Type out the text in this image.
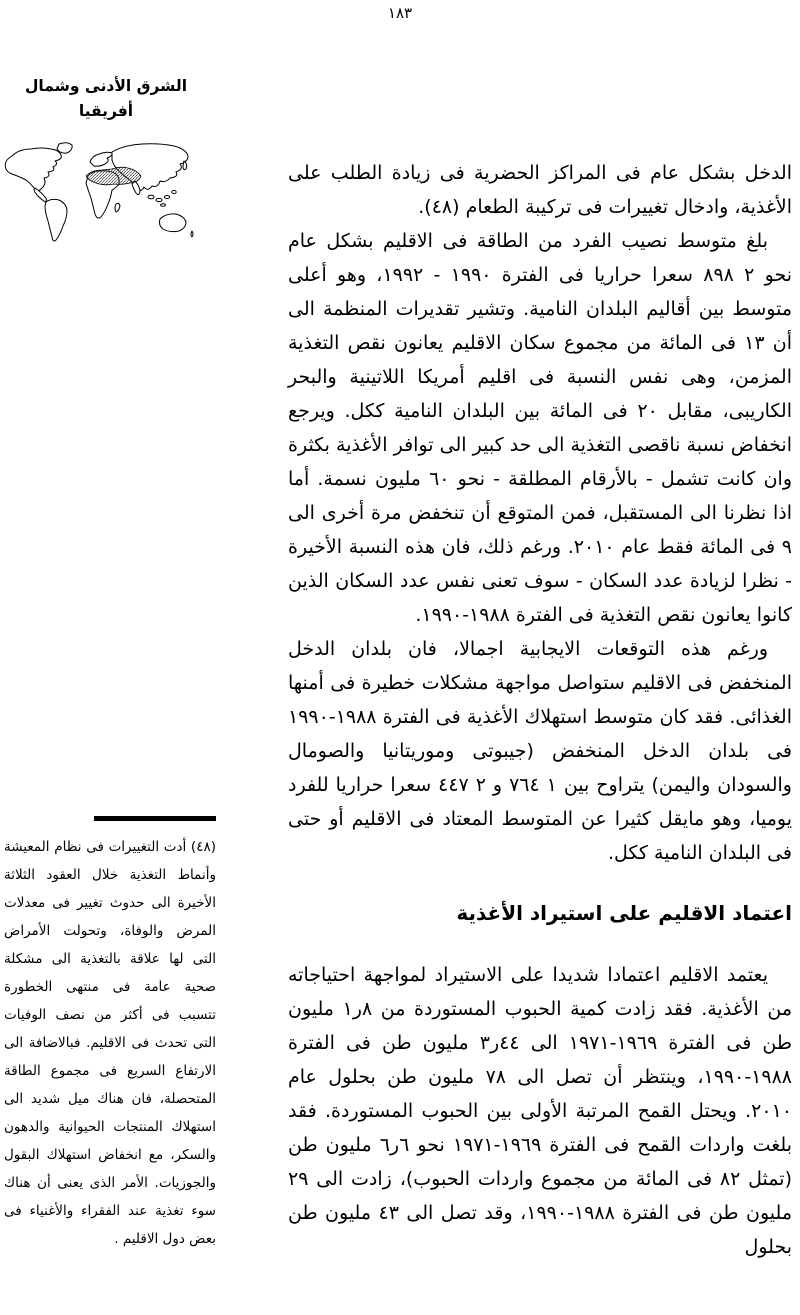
١٨٣
الشرق الأدنى وشمال
أفريقيا

الدخل بشكل عام فى المراكز الحضرية فى زيادة الطلب على الأغذية، وادخال تغييرات فى تركيبة الطعام (٤٨).

بلغ متوسط نصيب الفرد من الطاقة فى الاقليم بشكل عام نحو ٢ ٨٩٨ سعرا حراريا فى الفترة ١٩٩٠ - ١٩٩٢، وهو أعلى متوسط بين أقاليم البلدان النامية. وتشير تقديرات المنظمة الى أن ١٣ فى المائة من مجموع سكان الاقليم يعانون نقص التغذية المزمن، وهى نفس النسبة فى اقليم أمريكا اللاتينية والبحر الكاريبى، مقابل ٢٠ فى المائة بين البلدان النامية ككل. ويرجع انخفاض نسبة ناقصى التغذية الى حد كبير الى توافر الأغذية بكثرة وان كانت تشمل - بالأرقام المطلقة - نحو ٦٠ مليون نسمة. أما اذا نظرنا الى المستقبل، فمن المتوقع أن تنخفض مرة أخرى الى ٩ فى المائة فقط عام ٢٠١٠. ورغم ذلك، فان هذه النسبة الأخيرة - نظرا لزيادة عدد السكان - سوف تعنى نفس عدد السكان الذين كانوا يعانون نقص التغذية فى الفترة ١٩٨٨-١٩٩٠.

ورغم هذه التوقعات الايجابية اجمالا، فان بلدان الدخل المنخفض فى الاقليم ستواصل مواجهة مشكلات خطيرة فى أمنها الغذائى. فقد كان متوسط استهلاك الأغذية فى الفترة ١٩٨٨-١٩٩٠ فى بلدان الدخل المنخفض (جيبوتى وموريتانيا والصومال والسودان واليمن) يتراوح بين ١ ٧٦٤ و ٢ ٤٤٧ سعرا حراريا للفرد يوميا، وهو مايقل كثيرا عن المتوسط المعتاد فى الاقليم أو حتى فى البلدان النامية ككل.

اعتماد الاقليم على استيراد الأغذية

يعتمد الاقليم اعتمادا شديدا على الاستيراد لمواجهة احتياجاته من الأغذية. فقد زادت كمية الحبوب المستوردة من ٨ر١ مليون طن فى الفترة ١٩٦٩-١٩٧١ الى ٤٤ر٣ مليون طن فى الفترة ١٩٨٨-١٩٩٠، وينتظر أن تصل الى ٧٨ مليون طن بحلول عام ٢٠١٠. ويحتل القمح المرتبة الأولى بين الحبوب المستوردة. فقد بلغت واردات القمح فى الفترة ١٩٦٩-١٩٧١ نحو ٦ر٦ مليون طن (تمثل ٨٢ فى المائة من مجموع واردات الحبوب)، زادت الى ٢٩ مليون طن فى الفترة ١٩٨٨-١٩٩٠، وقد تصل الى ٤٣ مليون طن بحلول

(٤٨) أدت التغييرات فى نظام المعيشة وأنماط التغذية خلال العقود الثلاثة الأخيرة الى حدوث تغيير فى معدلات المرض والوفاة، وتحولت الأمراض التى لها علاقة بالتغذية الى مشكلة صحية عامة فى منتهى الخطورة تتسبب فى أكثر من نصف الوفيات التى تحدث فى الاقليم. فبالاضافة الى الارتفاع السريع فى مجموع الطاقة المتحصلة، فان هناك ميل شديد الى استهلاك المنتجات الحيوانية والدهون والسكر، مع انخفاض استهلاك البقول والجوزيات. الأمر الذى يعنى أن هناك سوء تغذية عند الفقراء والأغنياء فى بعض دول الاقليم .
